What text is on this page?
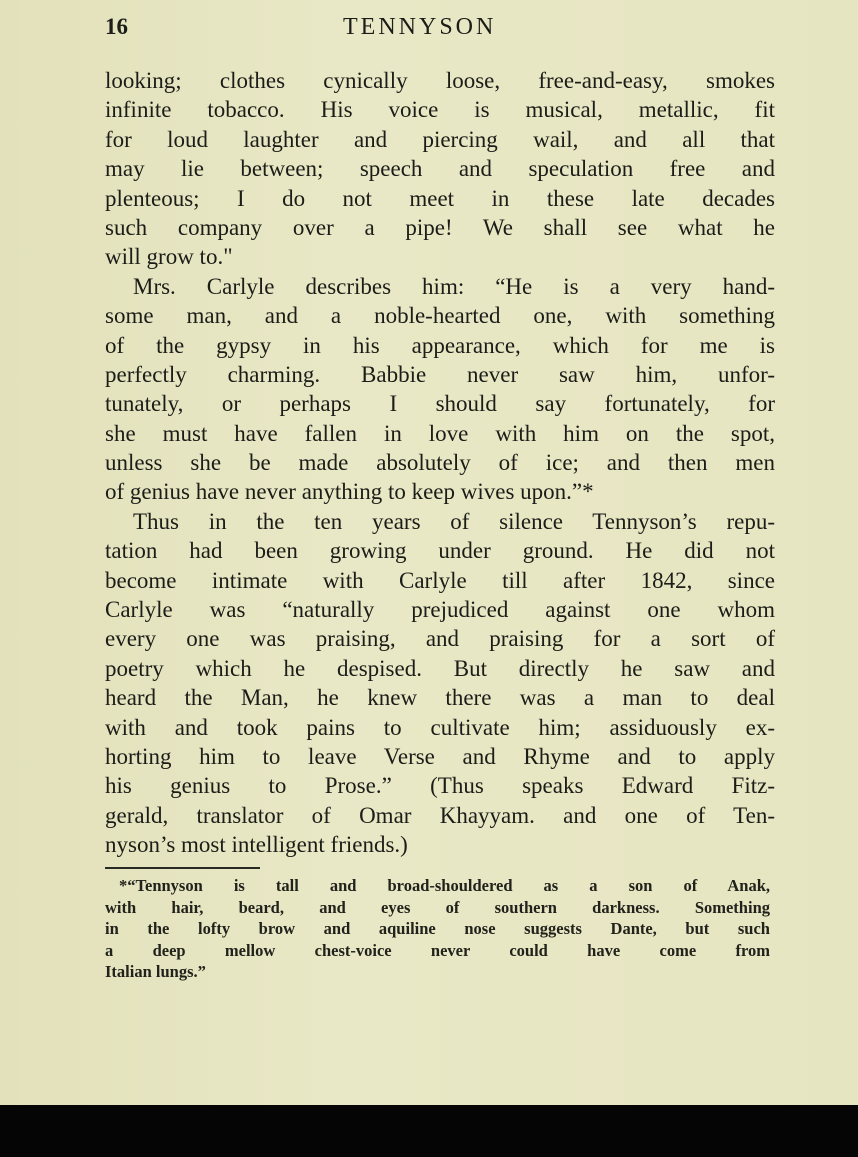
16	TENNYSON
looking; clothes cynically loose, free-and-easy, smokes
infinite tobacco. His voice is musical, metallic, fit
for loud laughter and piercing wail, and all that
may lie between; speech and speculation free and
plenteous; I do not meet in these late decades
such company over a pipe! We shall see what he
will grow to."
Mrs. Carlyle describes him: “He is a very hand-
some man, and a noble-hearted one, with something
of the gypsy in his appearance, which for me is
perfectly charming. Babbie never saw him, unfor-
tunately, or perhaps I should say fortunately, for
she must have fallen in love with him on the spot,
unless she be made absolutely of ice; and then men
of genius have never anything to keep wives upon.”*
Thus in the ten years of silence Tennyson’s repu-
tation had been growing under ground. He did not
become intimate with Carlyle till after 1842, since
Carlyle was “naturally prejudiced against one whom
every one was praising, and praising for a sort of
poetry which he despised. But directly he saw and
heard the Man, he knew there was a man to deal
with and took pains to cultivate him; assiduously ex-
horting him to leave Verse and Rhyme and to apply
his genius to Prose.” (Thus speaks Edward Fitz-
gerald, translator of Omar Khayyam. and one of Ten-
nyson’s most intelligent friends.)
*“Tennyson is tall and broad-shouldered as a son of Anak,
with hair, beard, and eyes of southern darkness. Something
in the lofty brow and aquiline nose suggests Dante, but such
a deep mellow chest-voice never could have come from
Italian lungs.”
